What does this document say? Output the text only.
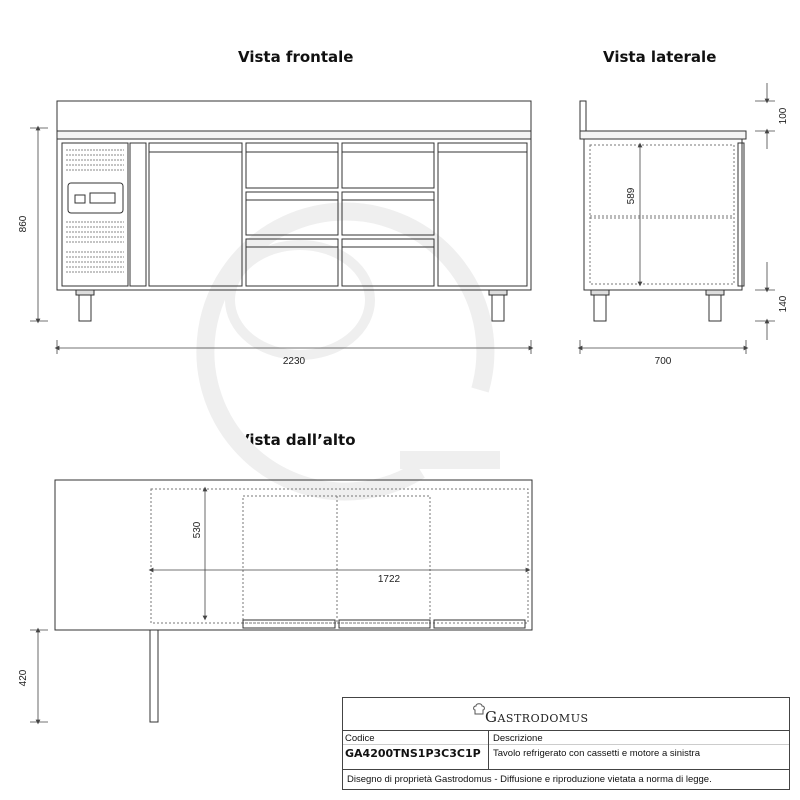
Vista frontale	Vista laterale
Vista dall’alto
860
2230
100
589
140
700
530
1722
420
Gastrodomus
Codice	Descrizione
GA4200TNS1P3C3C1P Tavolo refrigerato con cassetti e motore a sinistra
Disegno di proprietà Gastrodomus - Diffusione e riproduzione vietata a norma di legge.
